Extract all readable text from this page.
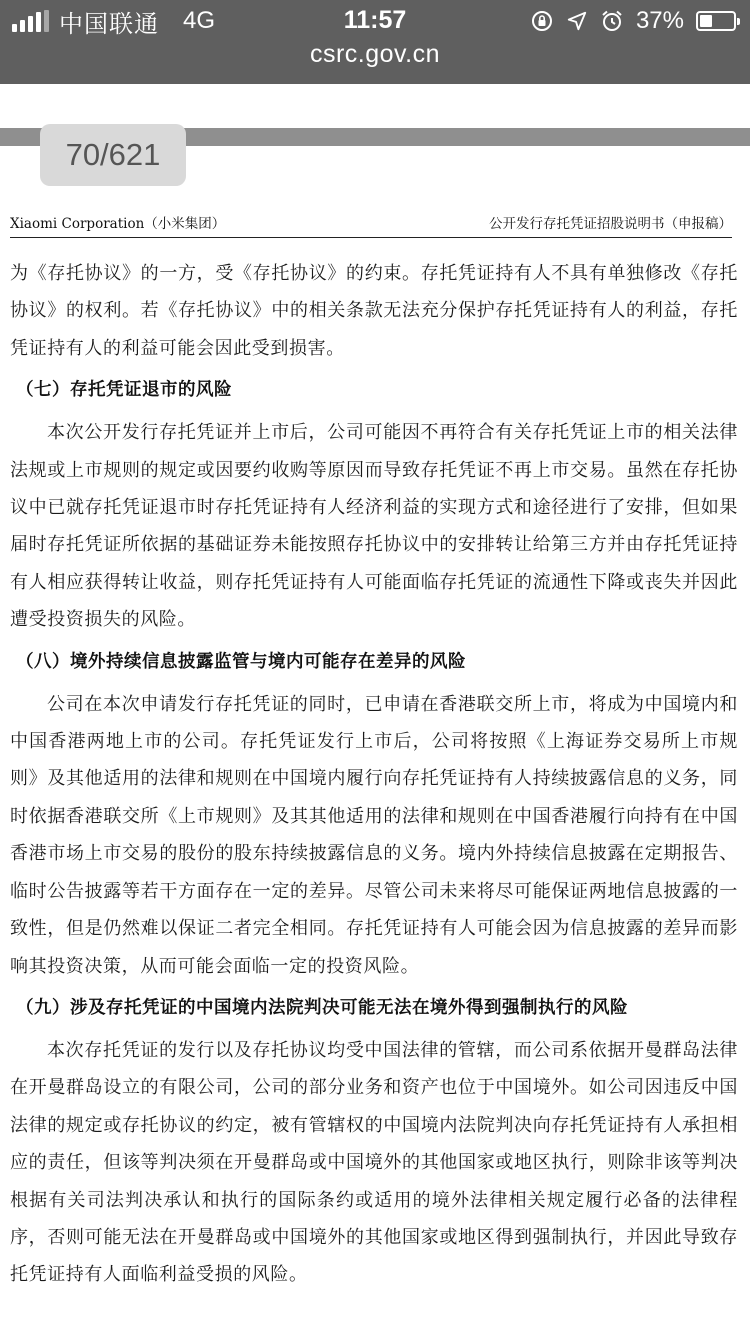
中国联通 4G	11:57	37%
csrc.gov.cn
70/621
Xiaomi Corporation（小米集团）	公开发行存托凭证招股说明书（申报稿）

为《存托协议》的一方，受《存托协议》的约束。存托凭证持有人不具有单独修改《存托协议》的权利。若《存托协议》中的相关条款无法充分保护存托凭证持有人的利益，存托凭证持有人的利益可能会因此受到损害。

（七）存托凭证退市的风险

本次公开发行存托凭证并上市后，公司可能因不再符合有关存托凭证上市的相关法律法规或上市规则的规定或因要约收购等原因而导致存托凭证不再上市交易。虽然在存托协议中已就存托凭证退市时存托凭证持有人经济利益的实现方式和途径进行了安排，但如果届时存托凭证所依据的基础证券未能按照存托协议中的安排转让给第三方并由存托凭证持有人相应获得转让收益，则存托凭证持有人可能面临存托凭证的流通性下降或丧失并因此遭受投资损失的风险。

（八）境外持续信息披露监管与境内可能存在差异的风险

公司在本次申请发行存托凭证的同时，已申请在香港联交所上市，将成为中国境内和中国香港两地上市的公司。存托凭证发行上市后，公司将按照《上海证券交易所上市规则》及其他适用的法律和规则在中国境内履行向存托凭证持有人持续披露信息的义务，同时依据香港联交所《上市规则》及其其他适用的法律和规则在中国香港履行向持有在中国香港市场上市交易的股份的股东持续披露信息的义务。境内外持续信息披露在定期报告、临时公告披露等若干方面存在一定的差异。尽管公司未来将尽可能保证两地信息披露的一致性，但是仍然难以保证二者完全相同。存托凭证持有人可能会因为信息披露的差异而影响其投资决策，从而可能会面临一定的投资风险。

（九）涉及存托凭证的中国境内法院判决可能无法在境外得到强制执行的风险

本次存托凭证的发行以及存托协议均受中国法律的管辖，而公司系依据开曼群岛法律在开曼群岛设立的有限公司，公司的部分业务和资产也位于中国境外。如公司因违反中国法律的规定或存托协议的约定，被有管辖权的中国境内法院判决向存托凭证持有人承担相应的责任，但该等判决须在开曼群岛或中国境外的其他国家或地区执行，则除非该等判决根据有关司法判决承认和执行的国际条约或适用的境外法律相关规定履行必备的法律程序，否则可能无法在开曼群岛或中国境外的其他国家或地区得到强制执行，并因此导致存托凭证持有人面临利益受损的风险。
